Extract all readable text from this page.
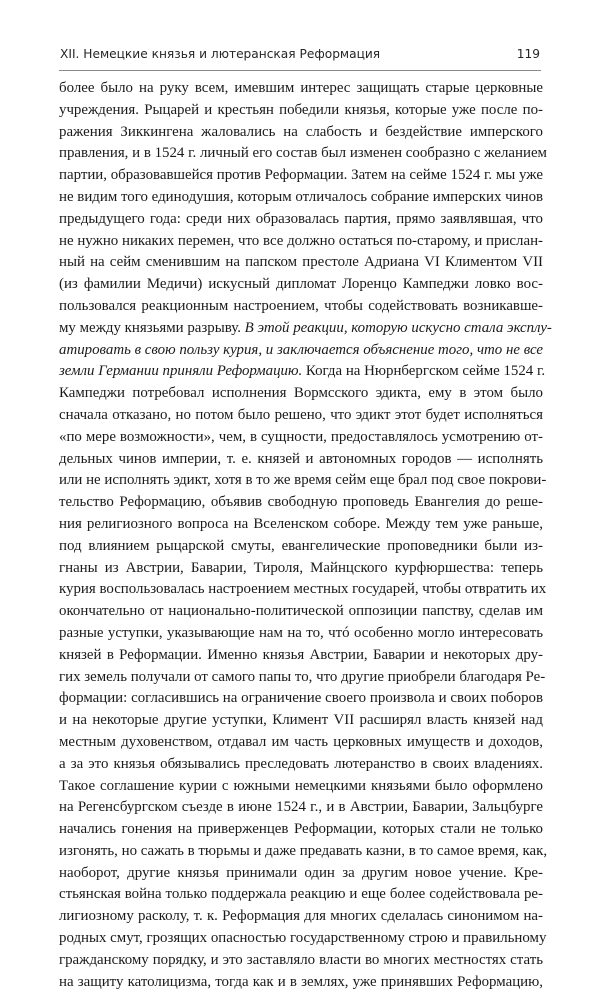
XII. Немецкие князья и лютеранская Реформация	119
более было на руку всем, имевшим интерес защищать старые церковные
учреждения. Рыцарей и крестьян победили князья, которые уже после по-
ражения Зиккингена жаловались на слабость и бездействие имперского
правления, и в 1524 г. личный его состав был изменен сообразно с желанием
партии, образовавшейся против Реформации. Затем на сейме 1524 г. мы уже
не видим того единодушия, которым отличалось собрание имперских чинов
предыдущего года: среди них образовалась партия, прямо заявлявшая, что
не нужно никаких перемен, что все должно остаться по-старому, и прислан-
ный на сейм сменившим на папском престоле Адриана VI Климентом VII
(из фамилии Медичи) искусный дипломат Лоренцо Кампеджи ловко вос-
пользовался реакционным настроением, чтобы содействовать возникавше-
му между князьями разрыву. В этой реакции, которую искусно стала эксплу-
атировать в свою пользу курия, и заключается объяснение того, что не все
земли Германии приняли Реформацию. Когда на Нюрнбергском сейме 1524 г.
Кампеджи потребовал исполнения Вормсского эдикта, ему в этом было
сначала отказано, но потом было решено, что эдикт этот будет исполняться
«по мере возможности», чем, в сущности, предоставлялось усмотрению от-
дельных чинов империи, т. е. князей и автономных городов — исполнять
или не исполнять эдикт, хотя в то же время сейм еще брал под свое покрови-
тельство Реформацию, объявив свободную проповедь Евангелия до реше-
ния религиозного вопроса на Вселенском соборе. Между тем уже раньше,
под влиянием рыцарской смуты, евангелические проповедники были из-
гнаны из Австрии, Баварии, Тироля, Майнцского курфюршества: теперь
курия воспользовалась настроением местных государей, чтобы отвратить их
окончательно от национально-политической оппозиции папству, сделав им
разные уступки, указывающие нам на то, чтó особенно могло интересовать
князей в Реформации. Именно князья Австрии, Баварии и некоторых дру-
гих земель получали от самого папы то, что другие приобрели благодаря Ре-
формации: согласившись на ограничение своего произвола и своих поборов
и на некоторые другие уступки, Климент VII расширял власть князей над
местным духовенством, отдавал им часть церковных имуществ и доходов,
а за это князья обязывались преследовать лютеранство в своих владениях.
Такое соглашение курии с южными немецкими князьями было оформлено
на Регенсбургском съезде в июне 1524 г., и в Австрии, Баварии, Зальцбурге
начались гонения на приверженцев Реформации, которых стали не только
изгонять, но сажать в тюрьмы и даже предавать казни, в то самое время, как,
наоборот, другие князья принимали один за другим новое учение. Кре-
стьянская война только поддержала реакцию и еще более содействовала ре-
лигиозному расколу, т. к. Реформация для многих сделалась синонимом на-
родных смут, грозящих опасностью государственному строю и правильному
гражданскому порядку, и это заставляло власти во многих местностях стать
на защиту католицизма, тогда как и в землях, уже принявших Реформацию,
